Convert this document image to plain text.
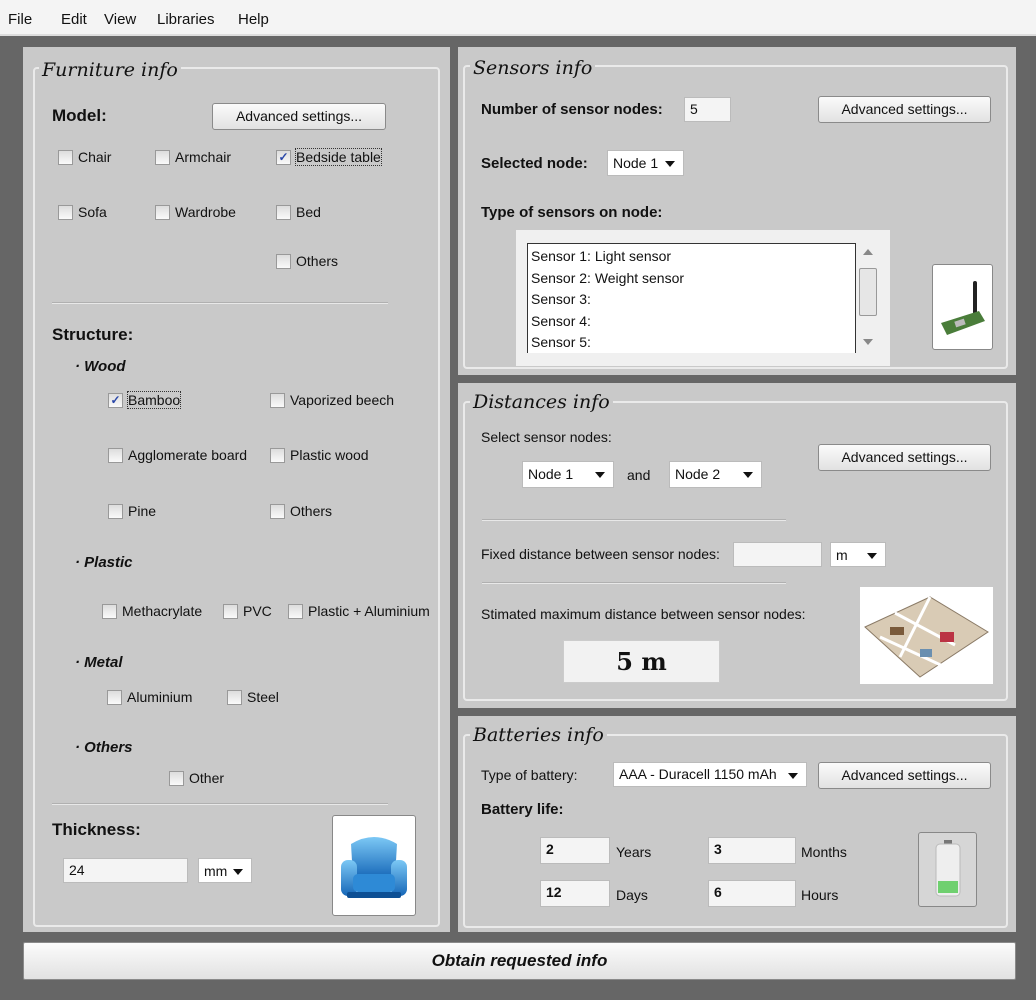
File Edit View Libraries Help
Furniture info
Model:	Advanced settings...
Chair	Armchair	✓ Bedside table
Sofa	Wardrobe	Bed
Others
✓ Bamboo	Vaporized beech
Agglomerate board	Plastic wood
Pine	Others
Methacrylate	PVC	Plastic + Aluminium
Aluminium	Steel
Other
Structure:
· Wood
· Plastic
· Metal
· Others
Thickness:
24	mm
Sensors info
Number of sensor nodes:	5	Advanced settings...
Selected node:	Node 1
Type of sensors on node:
Sensor 1: Light sensor
Sensor 2: Weight sensor
Sensor 3:
Sensor 4:
Sensor 5:
Distances info
Select sensor nodes:
Node 1	and	Node 2
Advanced settings...
Fixed distance between sensor nodes:	m
Stimated maximum distance between sensor nodes:
5 m
Batteries info
Type of battery:	AAA - Duracell 1150 mAh	Advanced settings...
Battery life:
2	Years	3	Months
12	Days	6	Hours
Obtain requested info
